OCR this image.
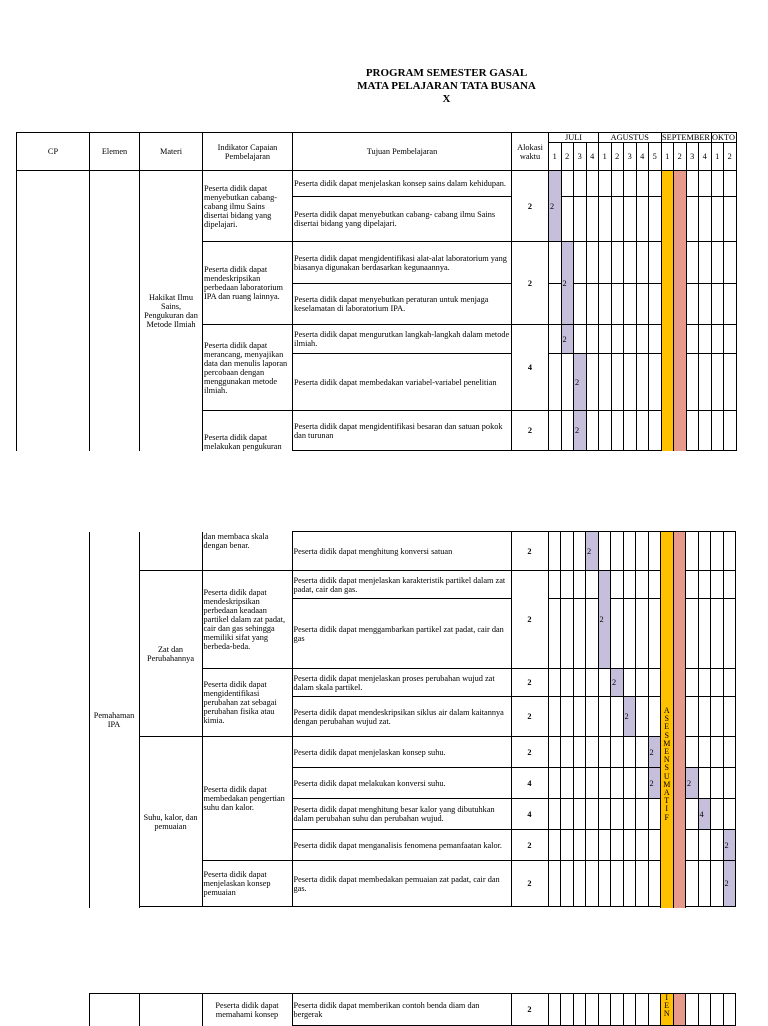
PROGRAM SEMESTER GASAL
MATA PELAJARAN TATA BUSANA
X
CP	Elemen	Materi	Indikator Capaian Pembelajaran	Tujuan Pembelajaran	Alokasi waktu	JULI				AGUSTUS					SEPTEMBER				OKTO	
						1	2	3	4	1	2	3	4	5	1	2	3	4	1	2
		Hakikat Ilmu Sains, Pengukuran dan Metode Ilmiah	Peserta didik dapat menyebutkan cabang-cabang ilmu Sains disertai bidang yang dipelajari.	Peserta didik dapat menjelaskan konsep sains dalam kehidupan.	2	2														
				Peserta didik dapat menyebutkan cabang- cabang ilmu Sains disertai bidang yang dipelajari.																
			Peserta didik dapat mendeskripsikan perbedaan laboratorium IPA dan ruang lainnya.	Peserta didik dapat mengidentifikasi alat-alat laboratorium yang biasanya digunakan berdasarkan kegunaannya.	2		2													
				Peserta didik dapat menyebutkan peraturan untuk menjaga keselamatan di laboratorium IPA.																
			Peserta didik dapat merancang, menyajikan data dan menulis laporan percobaan dengan menggunakan metode ilmiah.	Peserta didik dapat mengurutkan langkah-langkah dalam metode ilmiah.	4		2													
				Peserta didik dapat membedakan variabel-variabel penelitian				2												
			Peserta didik dapat melakukan pengukuran	Peserta didik dapat mengidentifikasi besaran dan satuan pokok dan turunan	2			2												

	Pemahaman IPA		dan membaca skala dengan benar.	Peserta didik dapat menghitung konversi satuan	2				2						A S E S M E N S U M A T I F					

		Zat dan Perubahannya	Peserta didik dapat mendeskripsikan perbedaan keadaan partikel dalam zat padat, cair dan gas sehingga memiliki sifat yang berbeda-beda.	Peserta didik dapat menjelaskan karakteristik partikel dalam zat padat, cair dan gas.	2					2										
				Peserta didik dapat menggambarkan partikel zat padat, cair dan gas																
			Peserta didik dapat mengidentifikasi perubahan zat sebagai perubahan fisika atau kimia.	Peserta didik dapat menjelaskan proses perubahan wujud zat dalam skala partikel.	2						2									
				Peserta didik dapat mendeskripsikan siklus air dalam kaitannya dengan perubahan wujud zat.	2							2								
		Suhu, kalor, dan pemuaian	Peserta didik dapat membedakan pengertian suhu dan kalor.	Peserta didik dapat menjelaskan konsep suhu.	2									2						
				Peserta didik dapat melakukan konversi suhu.	4									2			2			
				Peserta didik dapat menghitung besar kalor yang dibutuhkan dalam perubahan suhu dan perubahan wujud.	4													4		
				Peserta didik dapat menganalisis fenomena pemanfaatan kalor.	2															2
			Peserta didik dapat menjelaskan konsep pemuaian	Peserta didik dapat membedakan pemuaian zat padat, cair dan gas.	2															2

			Peserta didik dapat memahami konsep	Peserta didik dapat memberikan contoh benda diam dan bergerak	2										
I E N
